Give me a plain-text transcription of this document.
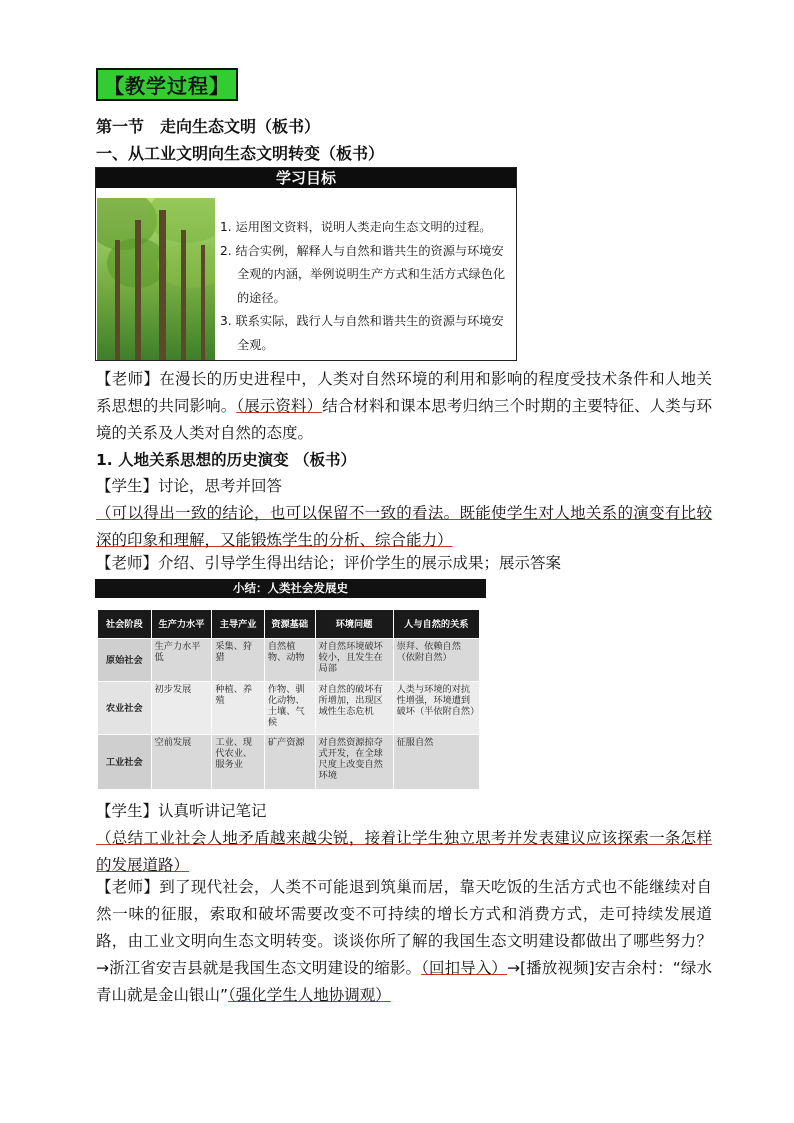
【教学过程】
第一节　走向生态文明（板书）
一、从工业文明向生态文明转变（板书）
学习目标
1. 运用图文资料，说明人类走向生态文明的过程。
2. 结合实例，解释人与自然和谐共生的资源与环境安全观的内涵，举例说明生产方式和生活方式绿色化的途径。
3. 联系实际，践行人与自然和谐共生的资源与环境安全观。
【老师】在漫长的历史进程中，人类对自然环境的利用和影响的程度受技术条件和人地关系思想的共同影响。（展示资料）结合材料和课本思考归纳三个时期的主要特征、人类与环境的关系及人类对自然的态度。
1. 人地关系思想的历史演变 （板书）
【学生】讨论，思考并回答
（可以得出一致的结论，也可以保留不一致的看法。既能使学生对人地关系的演变有比较深的印象和理解，又能锻炼学生的分析、综合能力）
【老师】介绍、引导学生得出结论；评价学生的展示成果；展示答案
小结：人类社会发展史
社会阶段	生产力水平	主导产业	资源基础	环境问题	人与自然的关系
原始社会	生产力水平低	采集、狩猎	自然植物、动物	对自然环境破坏较小，且发生在局部	崇拜、依赖自然（依附自然）
农业社会	初步发展	种植、养殖	作物、驯化动物、土壤、气候	对自然的破坏有所增加，出现区域性生态危机	人类与环境的对抗性增强，环境遭到破坏（半依附自然）
工业社会	空前发展	工业、现代农业、服务业	矿产资源	对自然资源掠夺式开发，在全球尺度上改变自然环境	征服自然
【学生】认真听讲记笔记
（总结工业社会人地矛盾越来越尖锐，接着让学生独立思考并发表建议应该探索一条怎样的发展道路）
【老师】到了现代社会，人类不可能退到筑巢而居，靠天吃饭的生活方式也不能继续对自然一味的征服，索取和破坏需要改变不可持续的增长方式和消费方式，走可持续发展道路，由工业文明向生态文明转变。谈谈你所了解的我国生态文明建设都做出了哪些努力？→浙江省安吉县就是我国生态文明建设的缩影。（回扣导入）→[播放视频]安吉余村：“绿水青山就是金山银山”（强化学生人地协调观）
